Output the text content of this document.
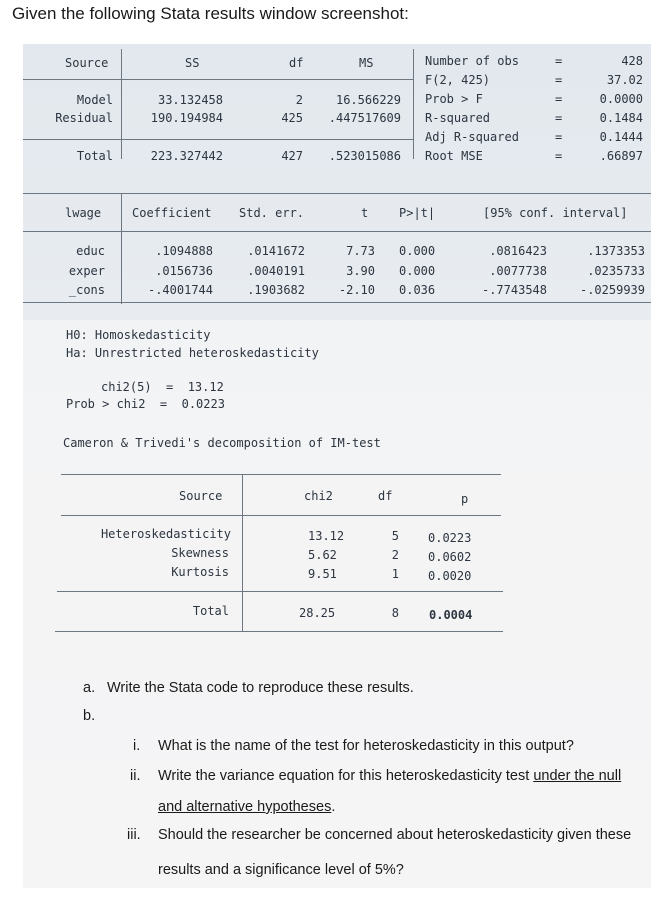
Given the following Stata results window screenshot:
Source	SS	df	MS
Model	33.132458	2	16.566229
Residual	190.194984	425	.447517609
Total	223.327442	427	.523015086
Number of obs	=	428
F(2, 425)	=	37.02
Prob > F	=	0.0000
R-squared	=	0.1484
Adj R-squared	=	0.1444
Root MSE	=	.66897
lwage	Coefficient Std. err.	t	P>|t|	[95% conf. interval]
educ	.1094888	.0141672	7.73 0.000	.0816423	.1373353
exper	.0156736	.0040191	3.90 0.000	.0077738	.0235733
_cons	-.4001744	.1903682	-2.10 0.036	-.7743548	-.0259939
H0: Homoskedasticity
Ha: Unrestricted heteroskedasticity
chi2(5)  =  13.12
Prob > chi2  =  0.0223
Cameron & Trivedi's decomposition of IM-test
Source	chi2	df	p
Heteroskedasticity	13.12	5 0.0223
Skewness	5.62	2 0.0602
Kurtosis	9.51	1 0.0020
Total	28.25	8	0.0004
a. Write the Stata code to reproduce these results.
b.
i. What is the name of the test for heteroskedasticity in this output?
ii. Write the variance equation for this heteroskedasticity test under the null
and alternative hypotheses.
iii. Should the researcher be concerned about heteroskedasticity given these
results and a significance level of 5%?
